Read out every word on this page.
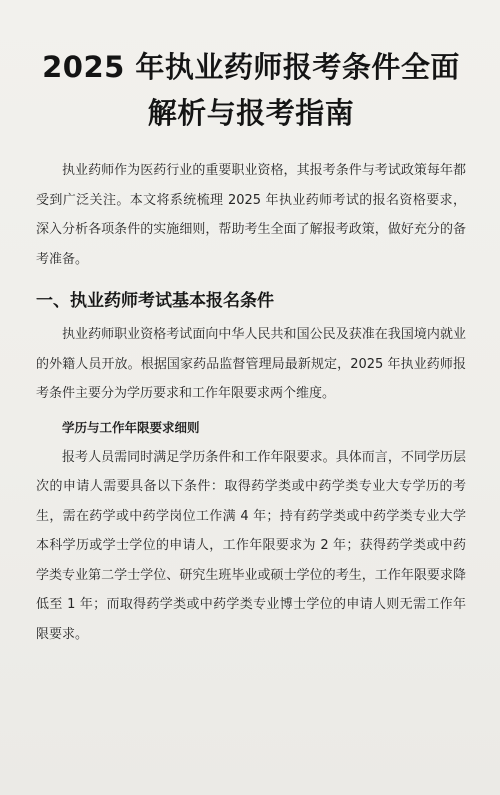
2025 年执业药师报考条件全面
解析与报考指南

执业药师作为医药行业的重要职业资格，其报考条件与考试政策每年都受到广泛关注。本文将系统梳理 2025 年执业药师考试的报名资格要求，深入分析各项条件的实施细则，帮助考生全面了解报考政策，做好充分的备考准备。

一、执业药师考试基本报名条件

执业药师职业资格考试面向中华人民共和国公民及获准在我国境内就业的外籍人员开放。根据国家药品监督管理局最新规定，2025 年执业药师报考条件主要分为学历要求和工作年限要求两个维度。

学历与工作年限要求细则

报考人员需同时满足学历条件和工作年限要求。具体而言，不同学历层次的申请人需要具备以下条件：取得药学类或中药学类专业大专学历的考生，需在药学或中药学岗位工作满 4 年；持有药学类或中药学类专业大学本科学历或学士学位的申请人，工作年限要求为 2 年；获得药学类或中药学类专业第二学士学位、研究生班毕业或硕士学位的考生，工作年限要求降低至 1 年；而取得药学类或中药学类专业博士学位的申请人则无需工作年限要求。
